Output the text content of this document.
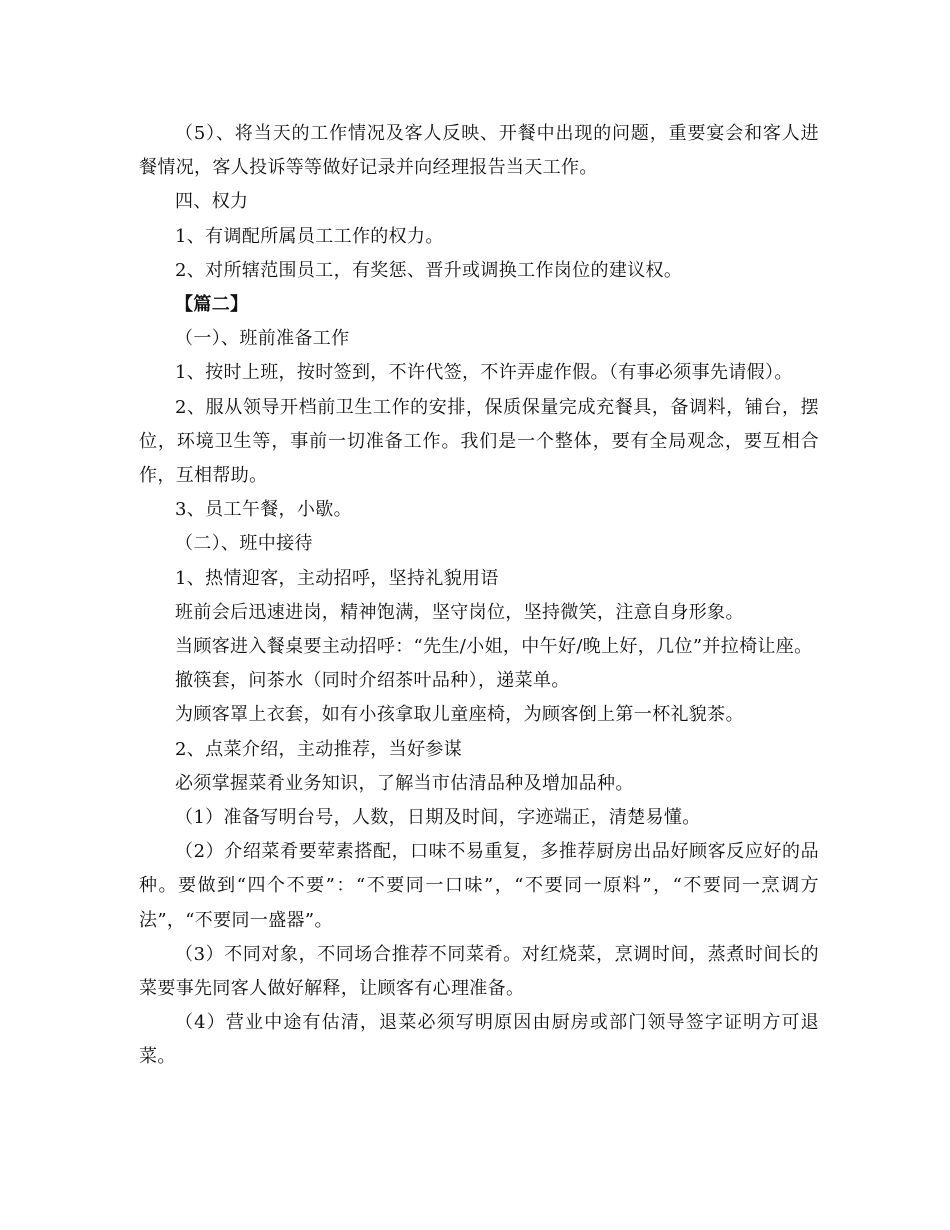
（5）、将当天的工作情况及客人反映、开餐中出现的问题，重要宴会和客人进餐情况，客人投诉等等做好记录并向经理报告当天工作。

四、权力

1、有调配所属员工工作的权力。

2、对所辖范围员工，有奖惩、晋升或调换工作岗位的建议权。

【篇二】

（一）、班前准备工作

1、按时上班，按时签到，不许代签，不许弄虚作假。（有事必须事先请假）。

2、服从领导开档前卫生工作的安排，保质保量完成充餐具，备调料，铺台，摆位，环境卫生等，事前一切准备工作。我们是一个整体，要有全局观念，要互相合作，互相帮助。

3、员工午餐，小歇。

（二）、班中接待

1、热情迎客，主动招呼，坚持礼貌用语

班前会后迅速进岗，精神饱满，坚守岗位，坚持微笑，注意自身形象。

当顾客进入餐桌要主动招呼：“先生/小姐，中午好/晚上好，几位”并拉椅让座。

撤筷套，问茶水（同时介绍茶叶品种），递菜单。

为顾客罩上衣套，如有小孩拿取儿童座椅，为顾客倒上第一杯礼貌茶。

2、点菜介绍，主动推荐，当好参谋

必须掌握菜肴业务知识，了解当市估清品种及增加品种。

（1）准备写明台号，人数，日期及时间，字迹端正，清楚易懂。

（2）介绍菜肴要荤素搭配，口味不易重复，多推荐厨房出品好顾客反应好的品种。要做到“四个不要”：“不要同一口味”，“不要同一原料”，“不要同一烹调方法”，“不要同一盛器”。

（3）不同对象，不同场合推荐不同菜肴。对红烧菜，烹调时间，蒸煮时间长的菜要事先同客人做好解释，让顾客有心理准备。

（4）营业中途有估清，退菜必须写明原因由厨房或部门领导签字证明方可退菜。
